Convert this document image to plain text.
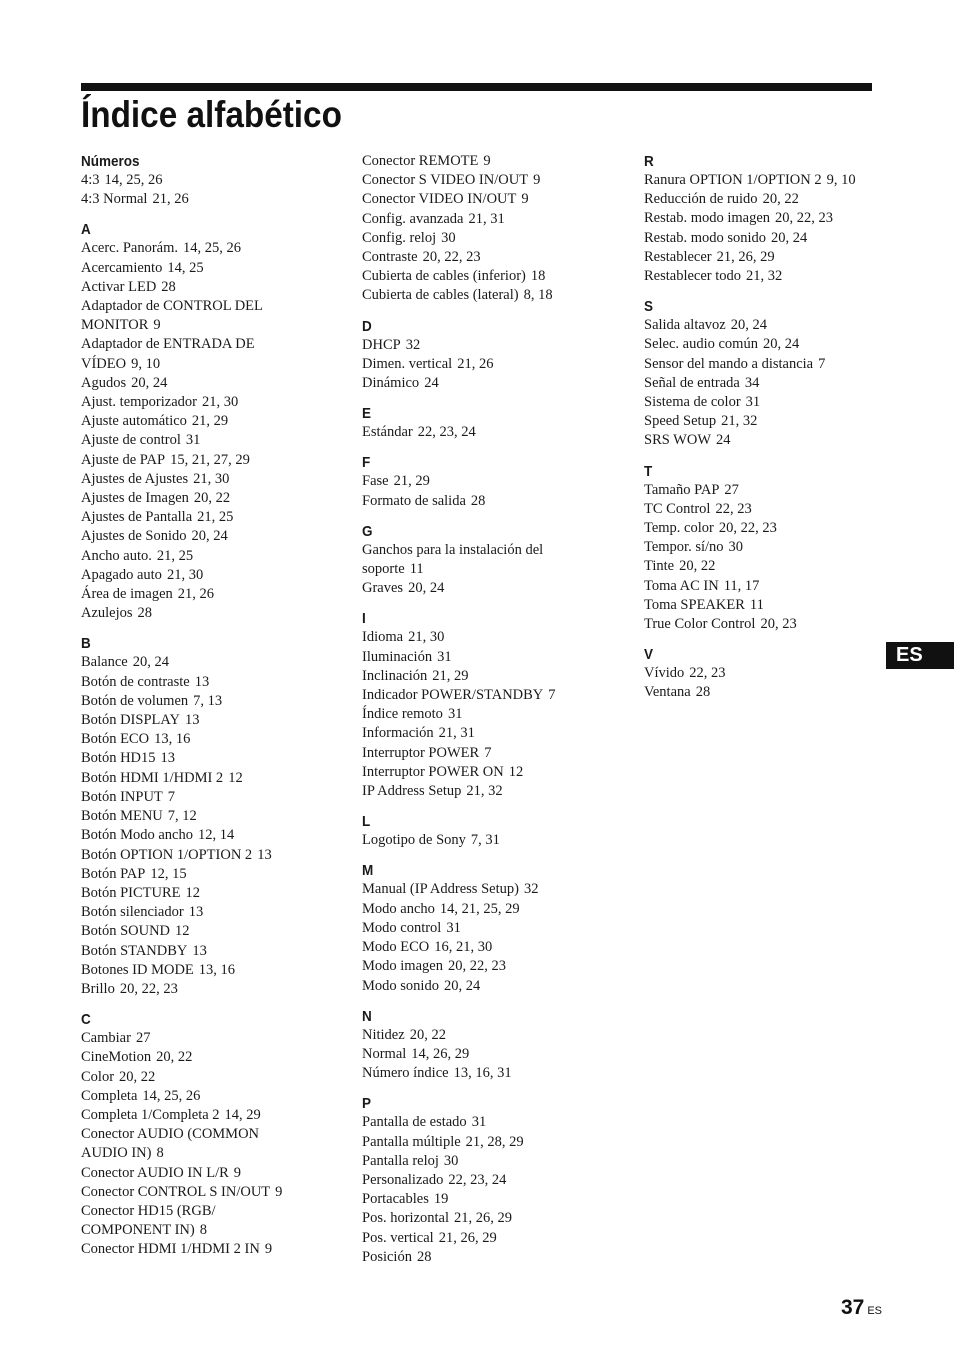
Índice alfabético
Números
4:3 14, 25, 26
4:3 Normal 21, 26
A
Acerc. Panorám. 14, 25, 26
Acercamiento 14, 25
Activar LED 28
Adaptador de CONTROL DEL
MONITOR 9
Adaptador de ENTRADA DE
VÍDEO 9, 10
Agudos 20, 24
Ajust. temporizador 21, 30
Ajuste automático 21, 29
Ajuste de control 31
Ajuste de PAP 15, 21, 27, 29
Ajustes de Ajustes 21, 30
Ajustes de Imagen 20, 22
Ajustes de Pantalla 21, 25
Ajustes de Sonido 20, 24
Ancho auto. 21, 25
Apagado auto 21, 30
Área de imagen 21, 26
Azulejos 28
B
Balance 20, 24
Botón de contraste 13
Botón de volumen 7, 13
Botón DISPLAY 13
Botón ECO 13, 16
Botón HD15 13
Botón HDMI 1/HDMI 2 12
Botón INPUT 7
Botón MENU 7, 12
Botón Modo ancho 12, 14
Botón OPTION 1/OPTION 2 13
Botón PAP 12, 15
Botón PICTURE 12
Botón silenciador 13
Botón SOUND 12
Botón STANDBY 13
Botones ID MODE 13, 16
Brillo 20, 22, 23
C
Cambiar 27
CineMotion 20, 22
Color 20, 22
Completa 14, 25, 26
Completa 1/Completa 2 14, 29
Conector AUDIO (COMMON
AUDIO IN) 8
Conector AUDIO IN L/R 9
Conector CONTROL S IN/OUT 9
Conector HD15 (RGB/
COMPONENT IN) 8
Conector HDMI 1/HDMI 2 IN 9
Conector REMOTE 9
Conector S VIDEO IN/OUT 9
Conector VIDEO IN/OUT 9
Config. avanzada 21, 31
Config. reloj 30
Contraste 20, 22, 23
Cubierta de cables (inferior) 18
Cubierta de cables (lateral) 8, 18
D
DHCP 32
Dimen. vertical 21, 26
Dinámico 24
E
Estándar 22, 23, 24
F
Fase 21, 29
Formato de salida 28
G
Ganchos para la instalación del
soporte 11
Graves 20, 24
I
Idioma 21, 30
Iluminación 31
Inclinación 21, 29
Indicador POWER/STANDBY 7
Índice remoto 31
Información 21, 31
Interruptor POWER 7
Interruptor POWER ON 12
IP Address Setup 21, 32
L
Logotipo de Sony 7, 31
M
Manual (IP Address Setup) 32
Modo ancho 14, 21, 25, 29
Modo control 31
Modo ECO 16, 21, 30
Modo imagen 20, 22, 23
Modo sonido 20, 24
N
Nitidez 20, 22
Normal 14, 26, 29
Número índice 13, 16, 31
P
Pantalla de estado 31
Pantalla múltiple 21, 28, 29
Pantalla reloj 30
Personalizado 22, 23, 24
Portacables 19
Pos. horizontal 21, 26, 29
Pos. vertical 21, 26, 29
Posición 28
R
Ranura OPTION 1/OPTION 2 9, 10
Reducción de ruido 20, 22
Restab. modo imagen 20, 22, 23
Restab. modo sonido 20, 24
Restablecer 21, 26, 29
Restablecer todo 21, 32
S
Salida altavoz 20, 24
Selec. audio común 20, 24
Sensor del mando a distancia 7
Señal de entrada 34
Sistema de color 31
Speed Setup 21, 32
SRS WOW 24
T
Tamaño PAP 27
TC Control 22, 23
Temp. color 20, 22, 23
Tempor. sí/no 30
Tinte 20, 22
Toma AC IN 11, 17
Toma SPEAKER 11
True Color Control 20, 23
V
Vívido 22, 23
Ventana 28
ES
37 ES
